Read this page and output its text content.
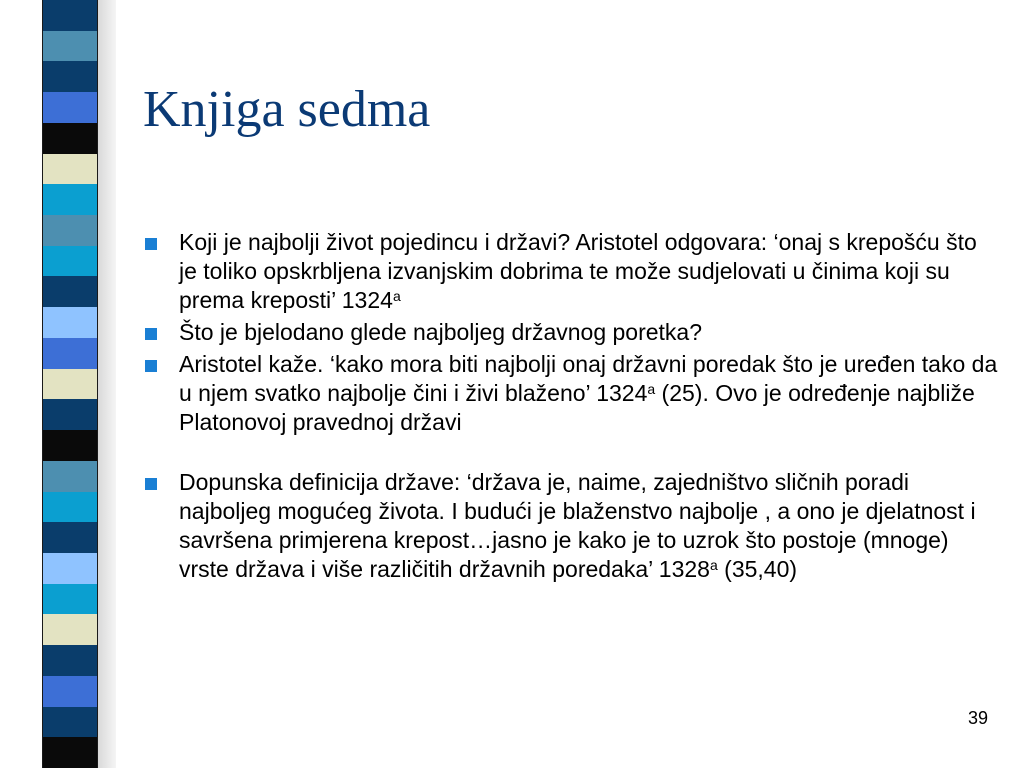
Knjiga sedma
Koji je najbolji život pojedincu i državi? Aristotel odgovara: ‘onaj s krepošću što je toliko opskrbljena izvanjskim dobrima te može sudjelovati u činima koji su prema kreposti’ 1324$^a$
Što je bjelodano glede najboljeg državnog poretka?
Aristotel kaže. ‘kako mora biti najbolji onaj državni poredak što je uređen tako da u njem svatko najbolje čini i živi blaženo’ 1324$^a$ (25). Ovo je određenje najbliže Platonovoj pravednoj državi
Dopunska definicija države: ‘država je, naime, zajedništvo sličnih poradi najboljeg mogućeg života. I budući je blaženstvo najbolje , a ono je djelatnost i savršena primjerena krepost…jasno je kako je to uzrok što postoje (mnoge) vrste država i više različitih državnih poredaka’ 1328$^a$ (35,40)
39
